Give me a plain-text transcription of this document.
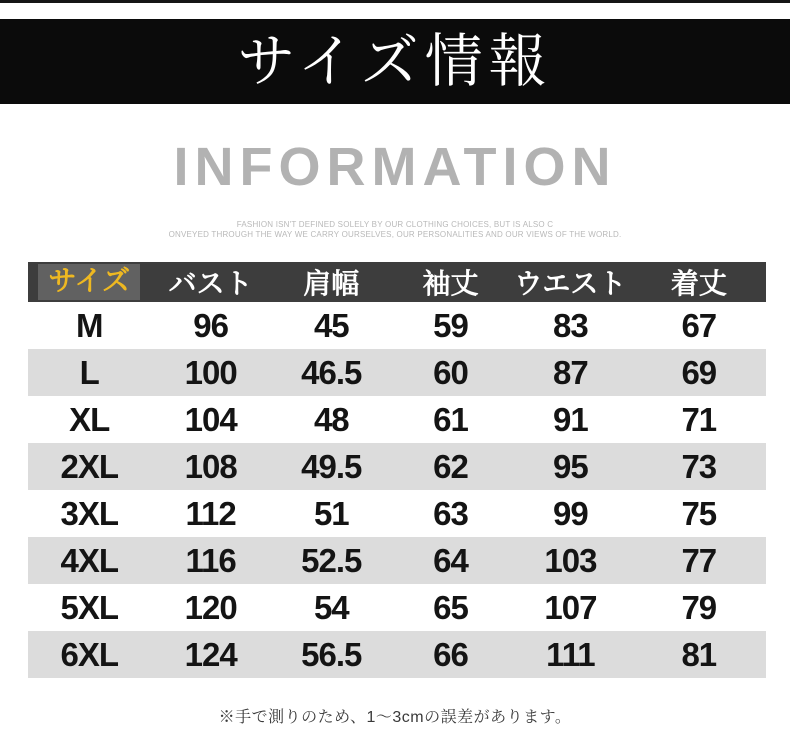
サイズ情報
INFORMATION

FASHION ISN'T DEFINED SOLELY BY OUR CLOTHING CHOICES, BUT IS ALSO C

ONVEYED THROUGH THE WAY WE CARRY OURSELVES, OUR PERSONALITIES AND OUR VIEWS OF THE WORLD.

サイズ	バスト	肩幅	袖丈	ウエスト	着丈
M	96	45	59	83	67
L	100	46.5	60	87	69
XL	104	48	61	91	71
2XL	108	49.5	62	95	73
3XL	112	51	63	99	75
4XL	116	52.5	64	103	77
5XL	120	54	65	107	79
6XL	124	56.5	66	111	81

※手で測りのため、1〜3cmの誤差があります。
